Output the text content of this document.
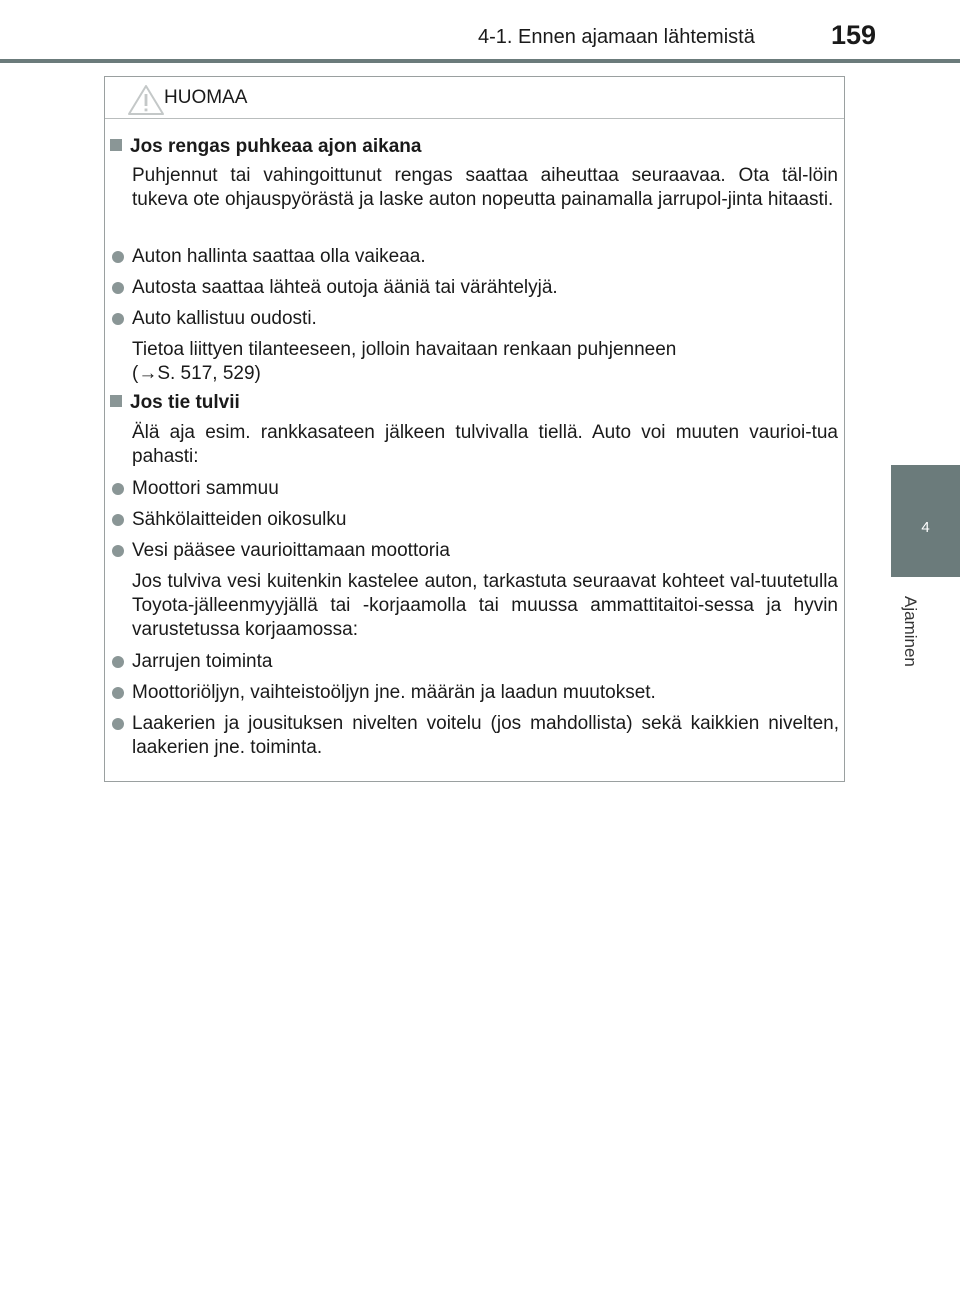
4-1. Ennen ajamaan lähtemistä	159
4
Ajaminen
HUOMAA
Jos rengas puhkeaa ajon aikana
Puhjennut tai vahingoittunut rengas saattaa aiheuttaa seuraavaa. Ota täl-löin tukeva ote ohjauspyörästä ja laske auton nopeutta painamalla jarrupol-jinta hitaasti.
Auton hallinta saattaa olla vaikeaa.
Autosta saattaa lähteä outoja ääniä tai värähtelyjä.
Auto kallistuu oudosti.
Tietoa liittyen tilanteeseen, jolloin havaitaan renkaan puhjenneen
(→S. 517, 529)
Jos tie tulvii
Älä aja esim. rankkasateen jälkeen tulvivalla tiellä. Auto voi muuten vaurioi-tua pahasti:
Moottori sammuu
Sähkölaitteiden oikosulku
Vesi pääsee vaurioittamaan moottoria
Jos tulviva vesi kuitenkin kastelee auton, tarkastuta seuraavat kohteet val-tuutetulla Toyota-jälleenmyyjällä tai -korjaamolla tai muussa ammattitaitoi-sessa ja hyvin varustetussa korjaamossa:
Jarrujen toiminta
Moottoriöljyn, vaihteistoöljyn jne. määrän ja laadun muutokset.
Laakerien ja jousituksen nivelten voitelu (jos mahdollista) sekä kaikkien nivelten, laakerien jne. toiminta.
